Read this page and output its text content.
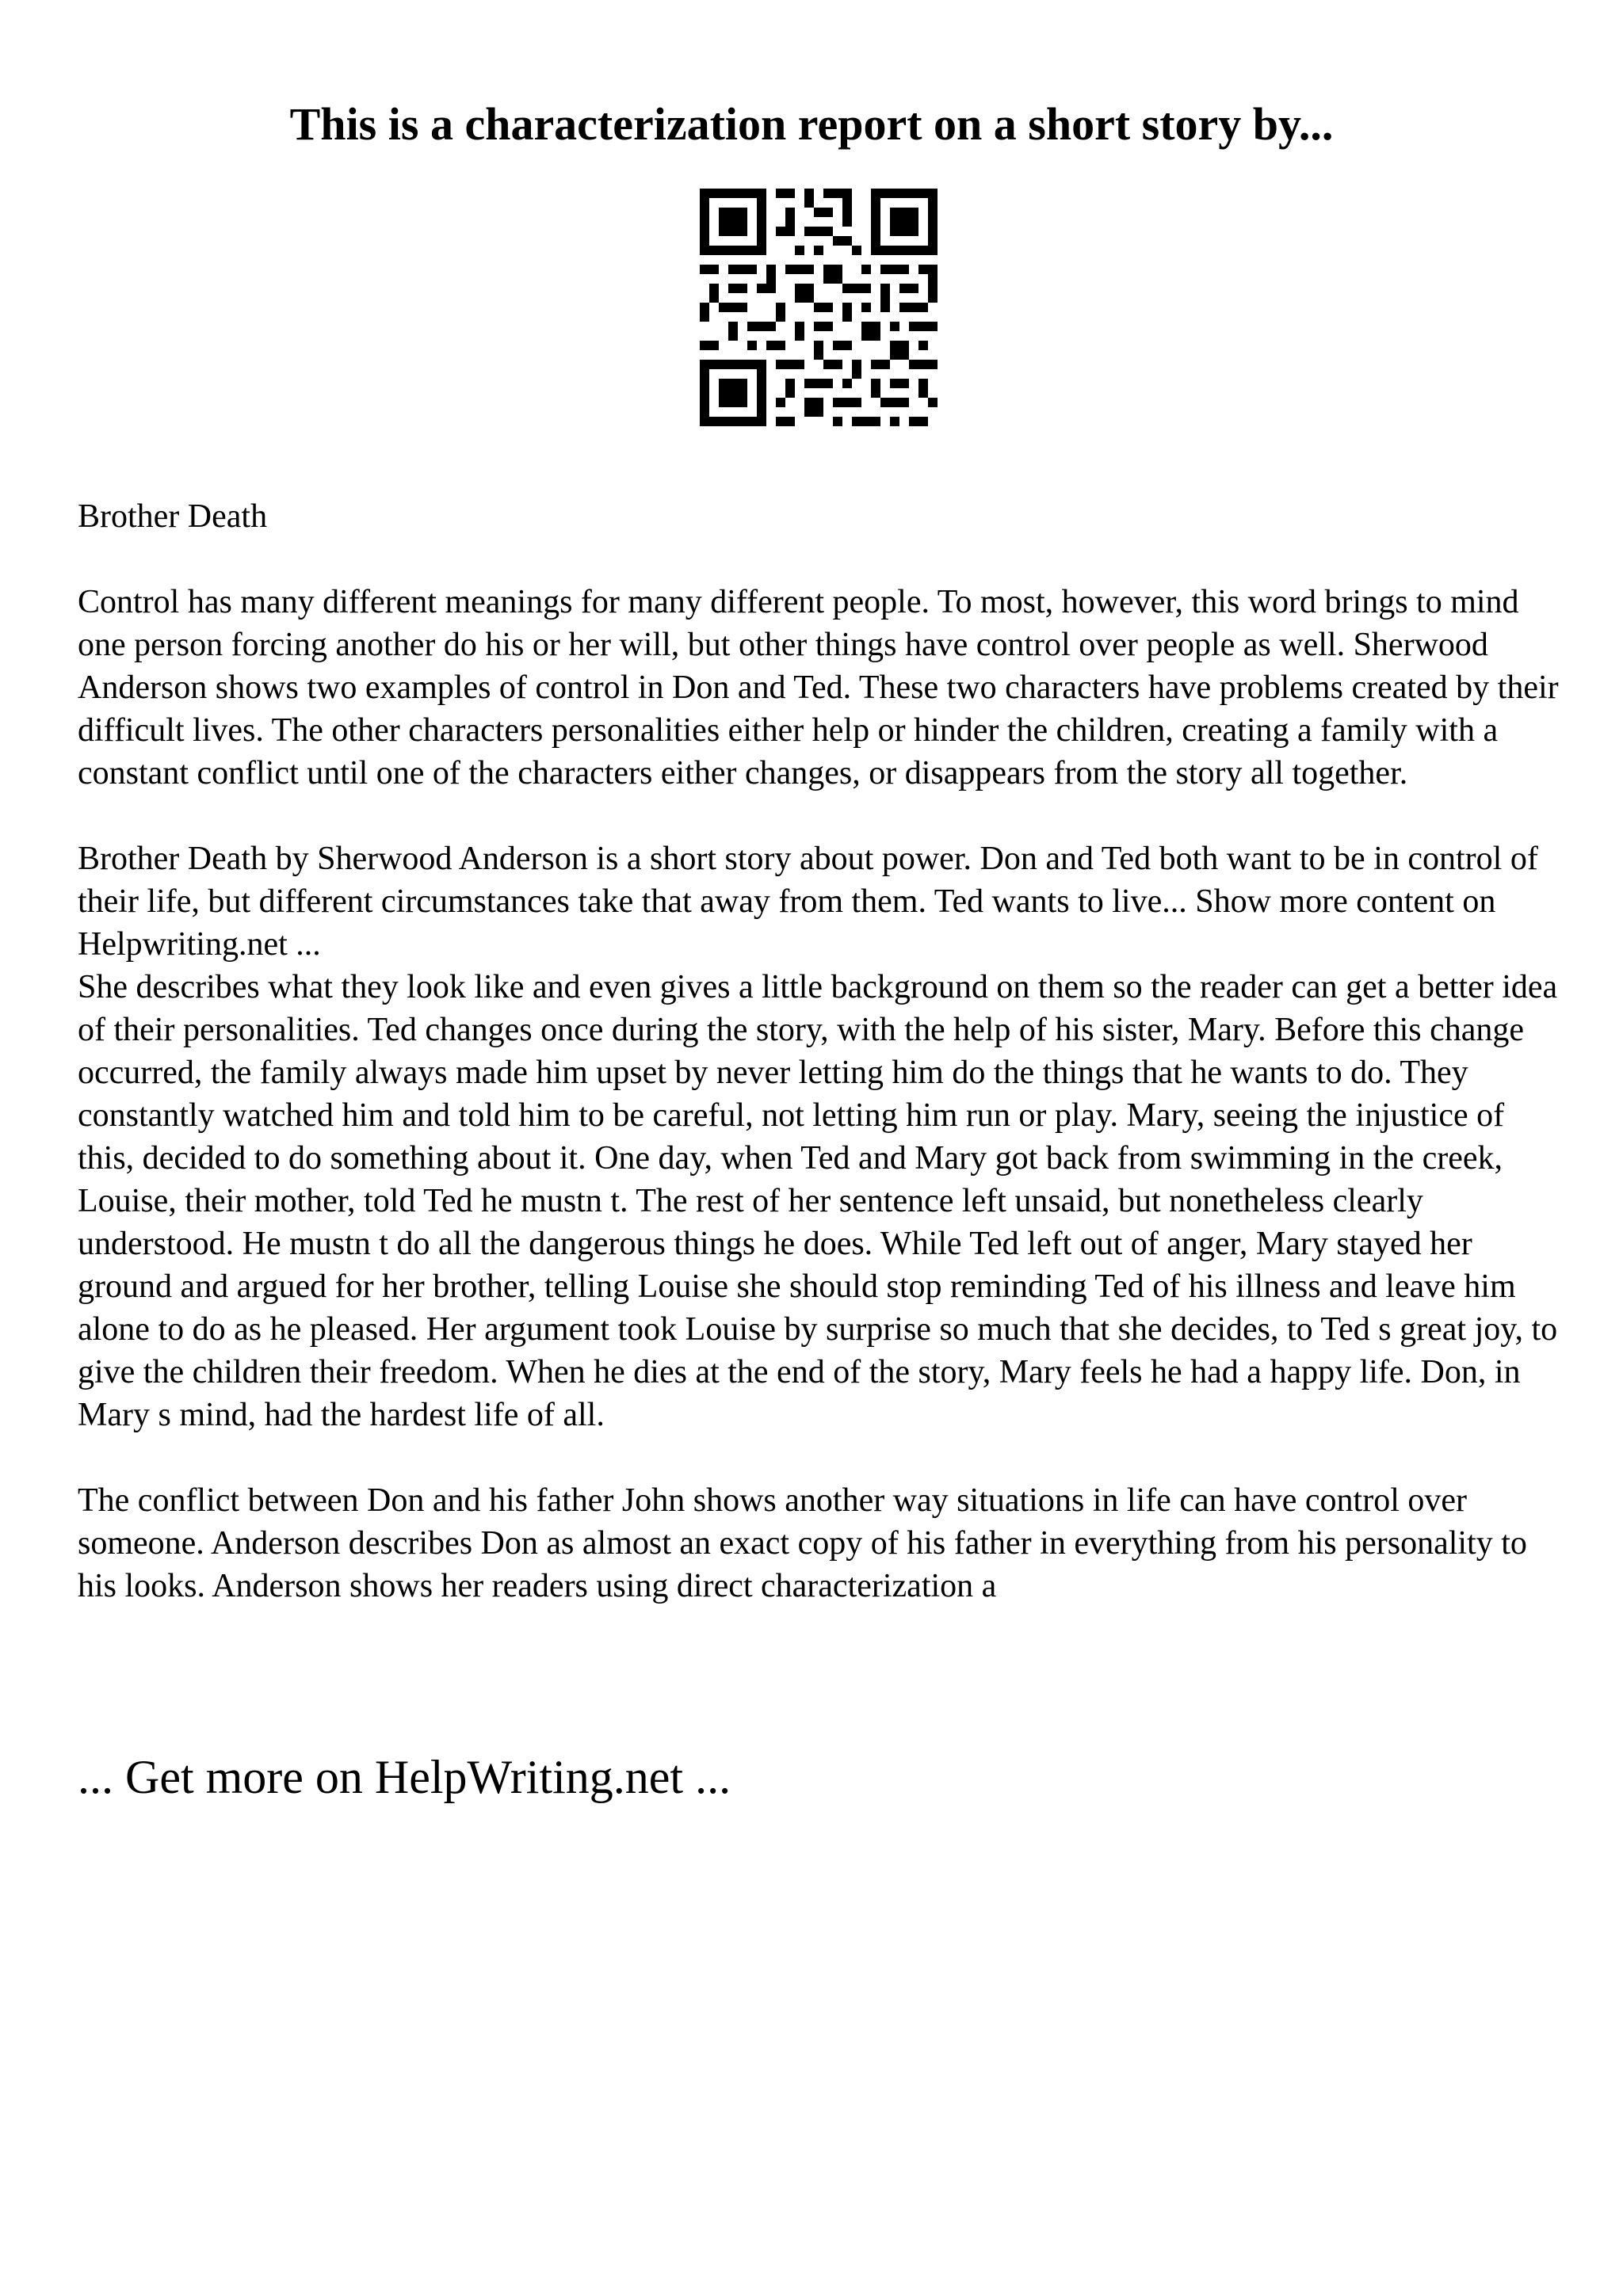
This is a characterization report on a short story by...

Brother Death

Control has many different meanings for many different people. To most, however, this word brings to mind one person forcing another do his or her will, but other things have control over people as well. Sherwood Anderson shows two examples of control in Don and Ted. These two characters have problems created by their difficult lives. The other characters personalities either help or hinder the children, creating a family with a constant conflict until one of the characters either changes, or disappears from the story all together.

Brother Death by Sherwood Anderson is a short story about power. Don and Ted both want to be in control of their life, but different circumstances take that away from them. Ted wants to live... Show more content on Helpwriting.net ...

She describes what they look like and even gives a little background on them so the reader can get a better idea of their personalities. Ted changes once during the story, with the help of his sister, Mary. Before this change occurred, the family always made him upset by never letting him do the things that he wants to do. They constantly watched him and told him to be careful, not letting him run or play. Mary, seeing the injustice of this, decided to do something about it. One day, when Ted and Mary got back from swimming in the creek, Louise, their mother, told Ted he mustn t. The rest of her sentence left unsaid, but nonetheless clearly understood. He mustn t do all the dangerous things he does. While Ted left out of anger, Mary stayed her ground and argued for her brother, telling Louise she should stop reminding Ted of his illness and leave him alone to do as he pleased. Her argument took Louise by surprise so much that she decides, to Ted s great joy, to give the children their freedom. When he dies at the end of the story, Mary feels he had a happy life. Don, in Mary s mind, had the hardest life of all.

The conflict between Don and his father John shows another way situations in life can have control over someone. Anderson describes Don as almost an exact copy of his father in everything from his personality to his looks. Anderson shows her readers using direct characterization a

... Get more on HelpWriting.net ...
